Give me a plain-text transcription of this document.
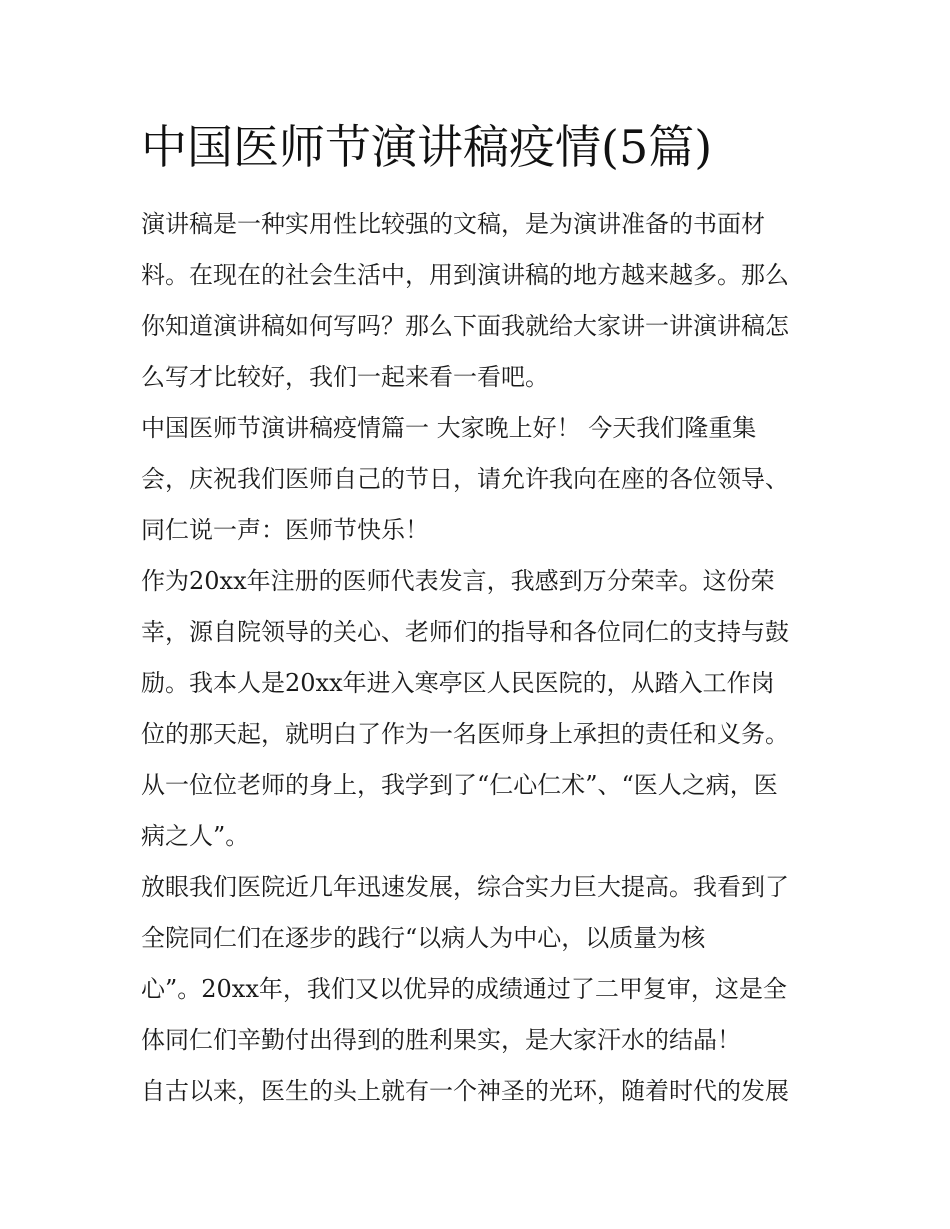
中国医师节演讲稿疫情(5篇)
演讲稿是一种实用性比较强的文稿，是为演讲准备的书面材
料。在现在的社会生活中，用到演讲稿的地方越来越多。那么
你知道演讲稿如何写吗？那么下面我就给大家讲一讲演讲稿怎
么写才比较好，我们一起来看一看吧。
中国医师节演讲稿疫情篇一 大家晚上好！ 今天我们隆重集
会，庆祝我们医师自己的节日，请允许我向在座的各位领导、
同仁说一声：医师节快乐！
作为20xx年注册的医师代表发言，我感到万分荣幸。这份荣
幸，源自院领导的关心、老师们的指导和各位同仁的支持与鼓
励。我本人是20xx年进入寒亭区人民医院的，从踏入工作岗
位的那天起，就明白了作为一名医师身上承担的责任和义务。
从一位位老师的身上，我学到了“仁心仁术”、“医人之病，医
病之人”。
放眼我们医院近几年迅速发展，综合实力巨大提高。我看到了
全院同仁们在逐步的践行“以病人为中心，以质量为核
心”。20xx年，我们又以优异的成绩通过了二甲复审，这是全
体同仁们辛勤付出得到的胜利果实，是大家汗水的结晶！
自古以来，医生的头上就有一个神圣的光环，随着时代的发展
